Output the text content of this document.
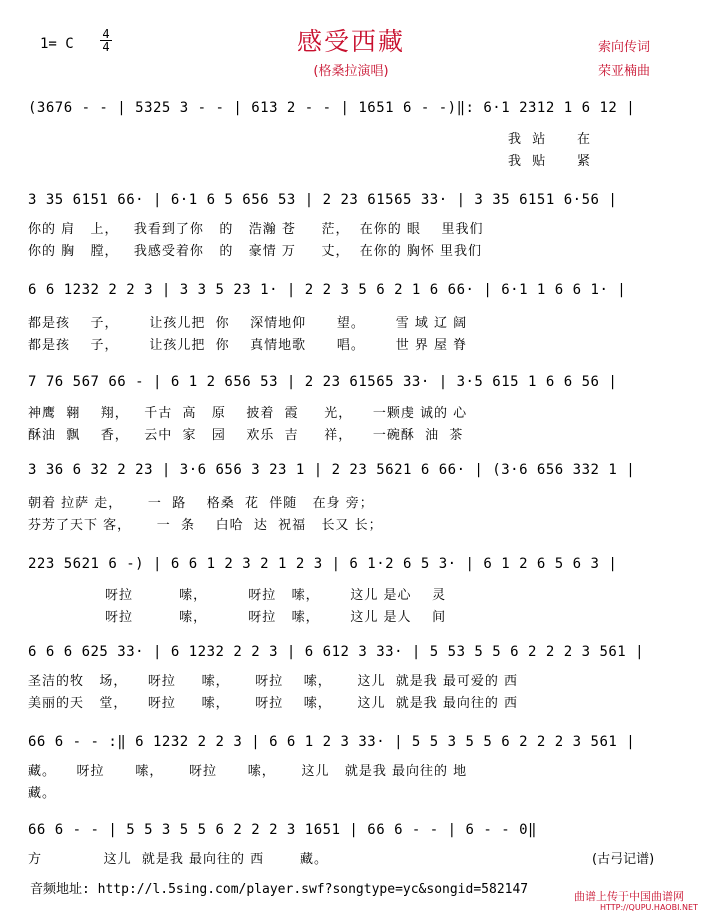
感受西藏
(格桑拉演唱)
索向传词
荣亚楠曲
1= C
4
4
(3676 - - | 5325 3 - - | 613 2 - - | 1651 6 - -)‖: 6·1 2312 1 6 12 |
我  站      在
我  贴      紧
3 35 6151 66· | 6·1 6 5 656 53 | 2 23 61565 33· | 3 35 6151 6·56 |
你的 肩   上，   我看到了你   的   浩瀚 苍     茫，  在你的 眼    里我们
你的 胸   膛，   我感受着你   的   豪情 万     丈，  在你的 胸怀 里我们
6 6 1232 2 2 3 | 3 3 5 23 1· | 2 2 3 5 6 2 1 6 66· | 6·1 1 6 6 1· |
都是孩    子，      让孩儿把  你    深情地仰      望。      雪 域 辽 阔
都是孩    子，      让孩儿把  你    真情地歌      唱。      世 界 屋 脊
7 76 567 66 - | 6 1 2 656 53 | 2 23 61565 33· | 3·5 615 1 6 6 56 |
神鹰  翱    翔，   千古  高   原    披着  霞     光，    一颗虔 诚的 心
酥油  飘    香，   云中  家   园    欢乐  吉     祥，    一碗酥  油  茶
3 36 6 32 2 23 | 3·6 656 3 23 1 | 2 23 5621 6 66· | (3·6 656 332 1 |
朝着 拉萨 走，     一  路    格桑  花  伴随   在身 旁；
芬芳了天下 客，     一  条    白哈  达  祝福   长又 长；
223 5621 6 -) | 6 6 1 2 3 2 1 2 3 | 6 1·2 6 5 3· | 6 1 2 6 5 6 3 |
呀拉         嗦，        呀拉   嗦，      这儿 是心    灵
呀拉         嗦，        呀拉   嗦，      这儿 是人    间
6 6 6 625 33· | 6 1232 2 2 3 | 6 612 3 33· | 5 53 5 5 6 2 2 2 3 561 |
圣洁的牧   场，    呀拉     嗦，     呀拉    嗦，     这儿  就是我 最可爱的 西
美丽的天   堂，    呀拉     嗦，     呀拉    嗦，     这儿  就是我 最向往的 西
66 6 - - :‖ 6 1232 2 2 3 | 6 6 1 2 3 33· | 5 5 3 5 5 6 2 2 2 3 561 |
藏。    呀拉      嗦，     呀拉      嗦，     这儿   就是我 最向往的 地
藏。
66 6 - - | 5 5 3 5 5 6 2 2 2 3 1651 | 66 6 - - | 6 - - 0‖
方            这儿  就是我 最向往的 西       藏。	(古弓记谱)
音频地址: http://l.5sing.com/player.swf?songtype=yc&songid=582147	曲谱上传于中国曲谱网
HTTP://QUPU.HAOBI.NET
